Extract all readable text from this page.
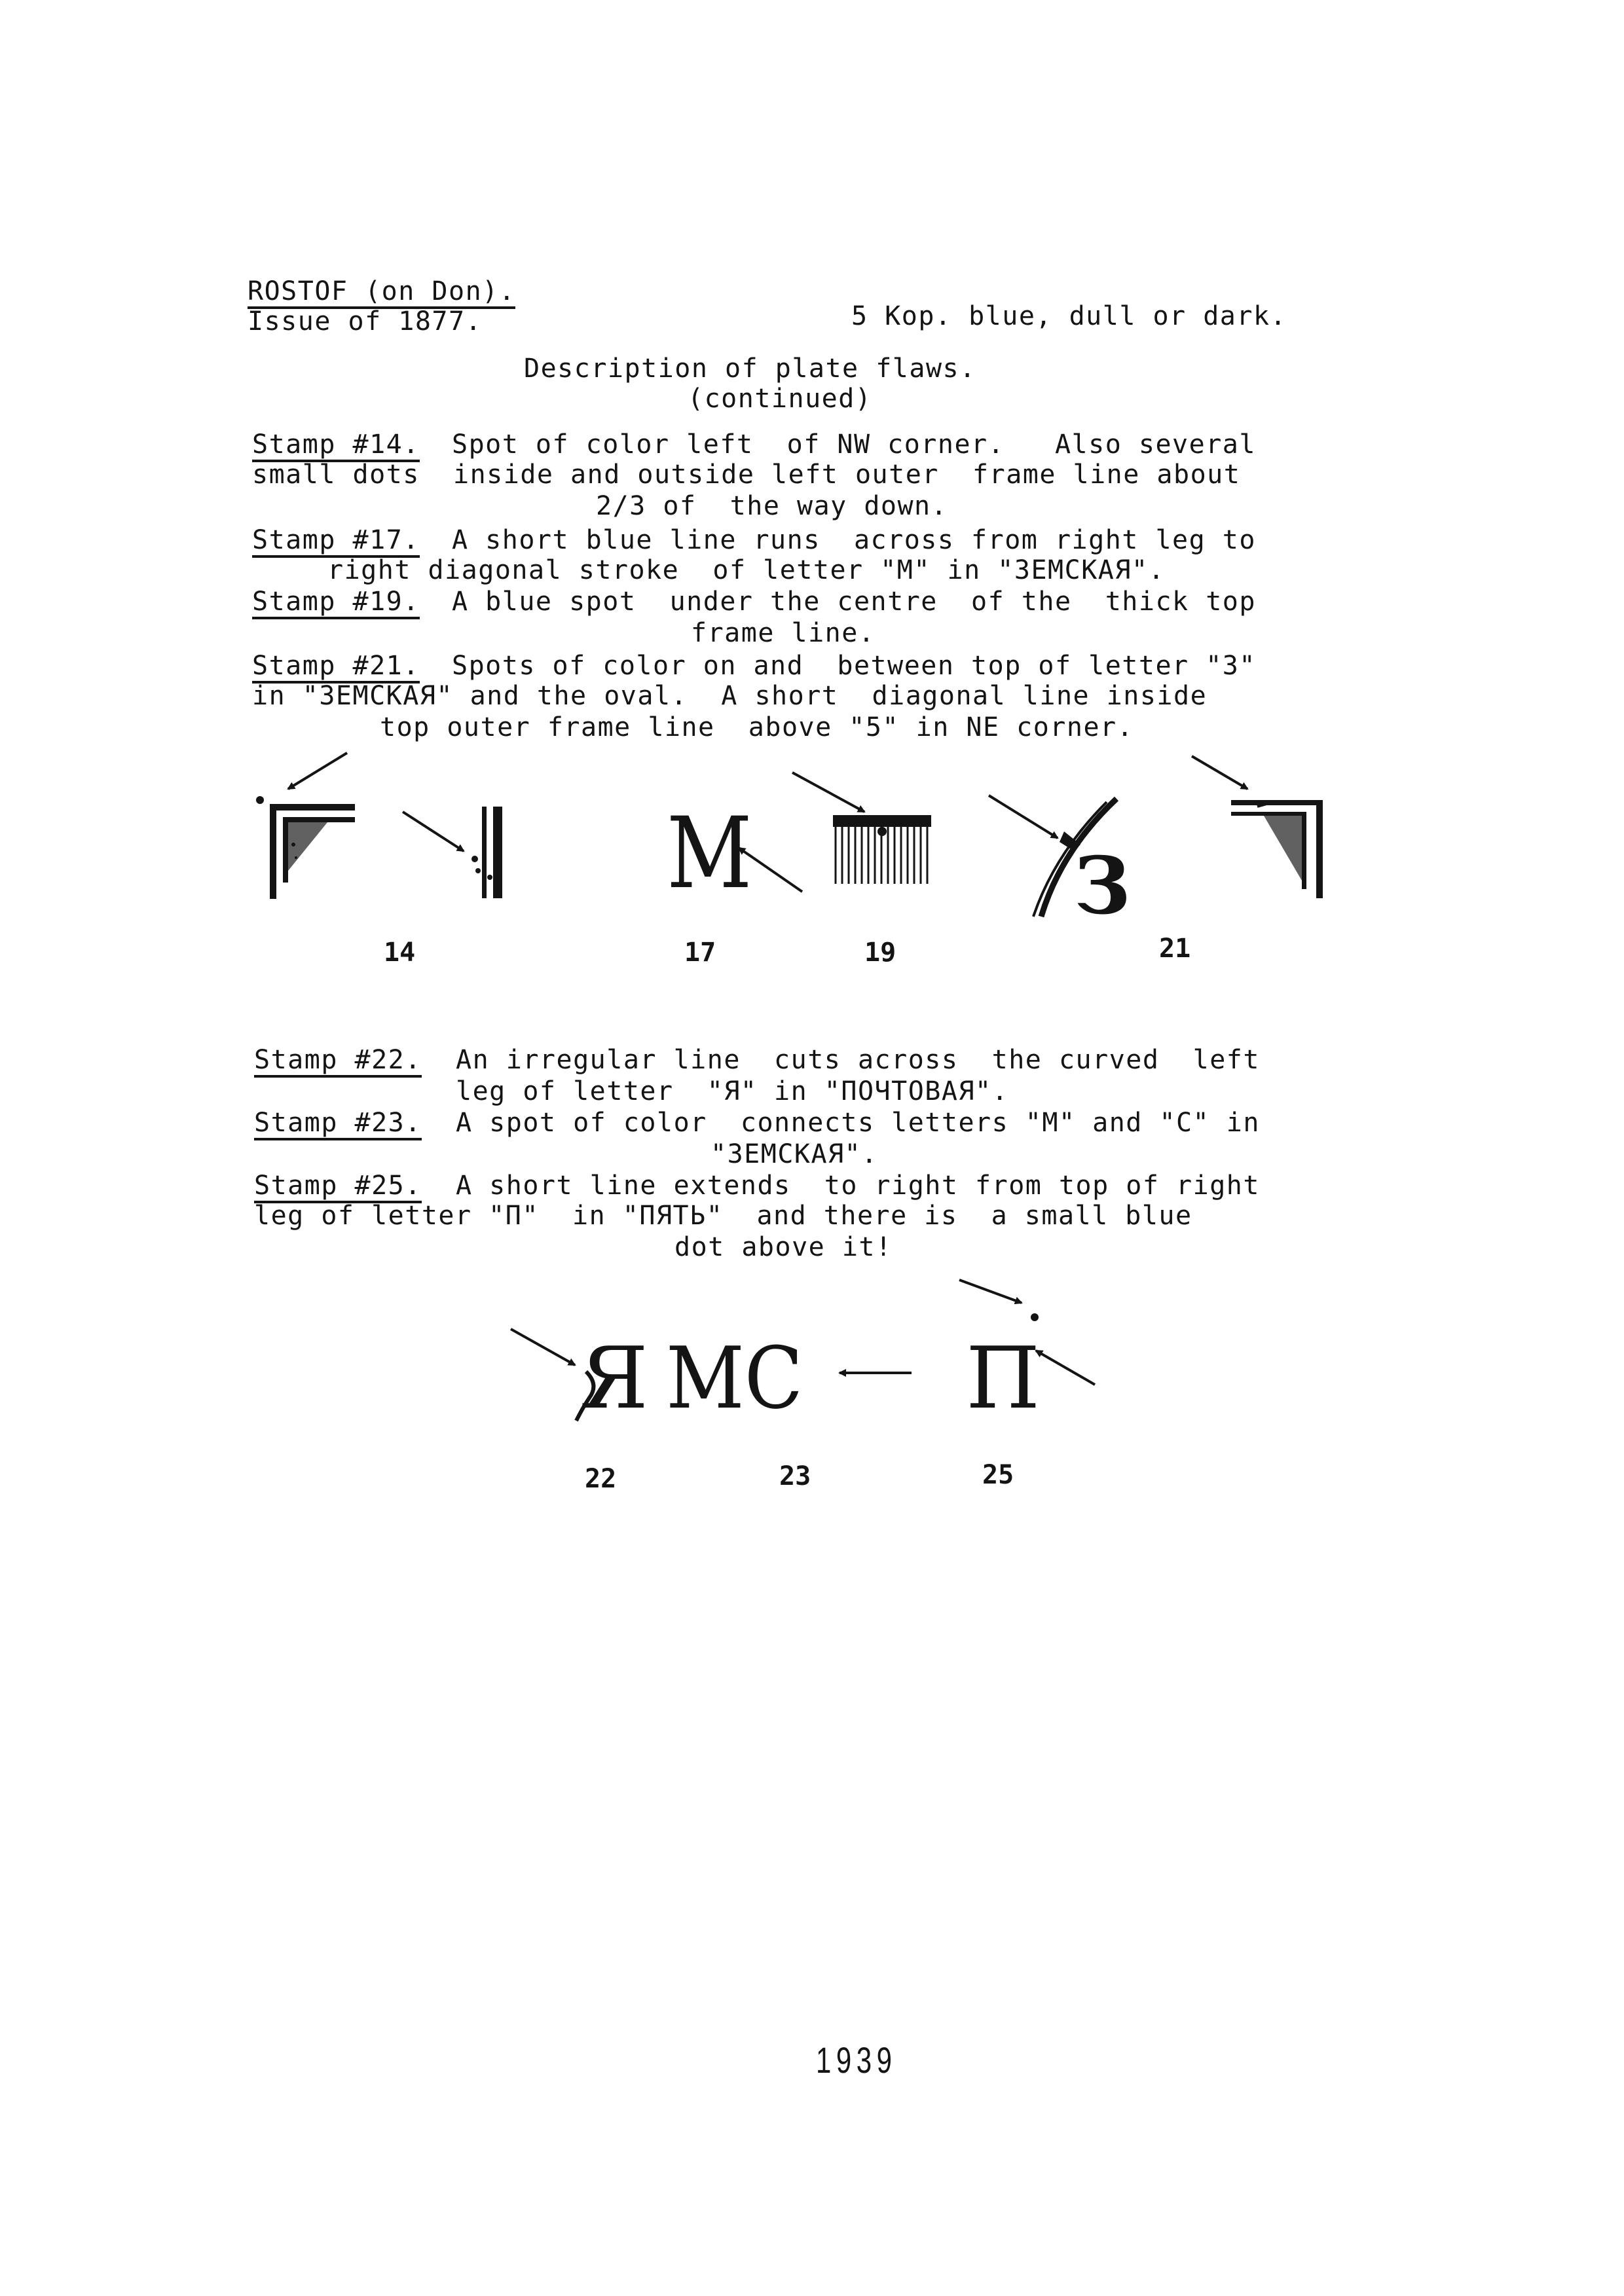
ROSTOF (on Don).
Issue of 1877.	5 Kop. blue, dull or dark.
Description of plate flaws.
(continued)
Stamp #14. Spot of color left  of NW corner.   Also several
small dots  inside and outside left outer  frame line about
2/3 of  the way down.
Stamp #17. A short blue line runs  across from right leg to
right diagonal stroke  of letter "M" in "ЗЕМСКАЯ".
Stamp #19. A blue spot  under the centre  of the  thick top
frame line.
Stamp #21. Spots of color on and  between top of letter "3"
in "ЗЕМСКАЯ" and the oval.  A short  diagonal line inside
top outer frame line  above "5" in NE corner.
M	З
14	17	19	21
Stamp #22. An irregular line  cuts across  the curved  left
leg of letter  "Я" in "ПОЧТОВАЯ".
Stamp #23. A spot of color  connects letters "M" and "C" in
"ЗЕМСКАЯ".
Stamp #25. A short line extends  to right from top of right
leg of letter "П"  in "ПЯТЬ"  and there is  a small blue
dot above it!
Я МС П
22	23	25
1939
